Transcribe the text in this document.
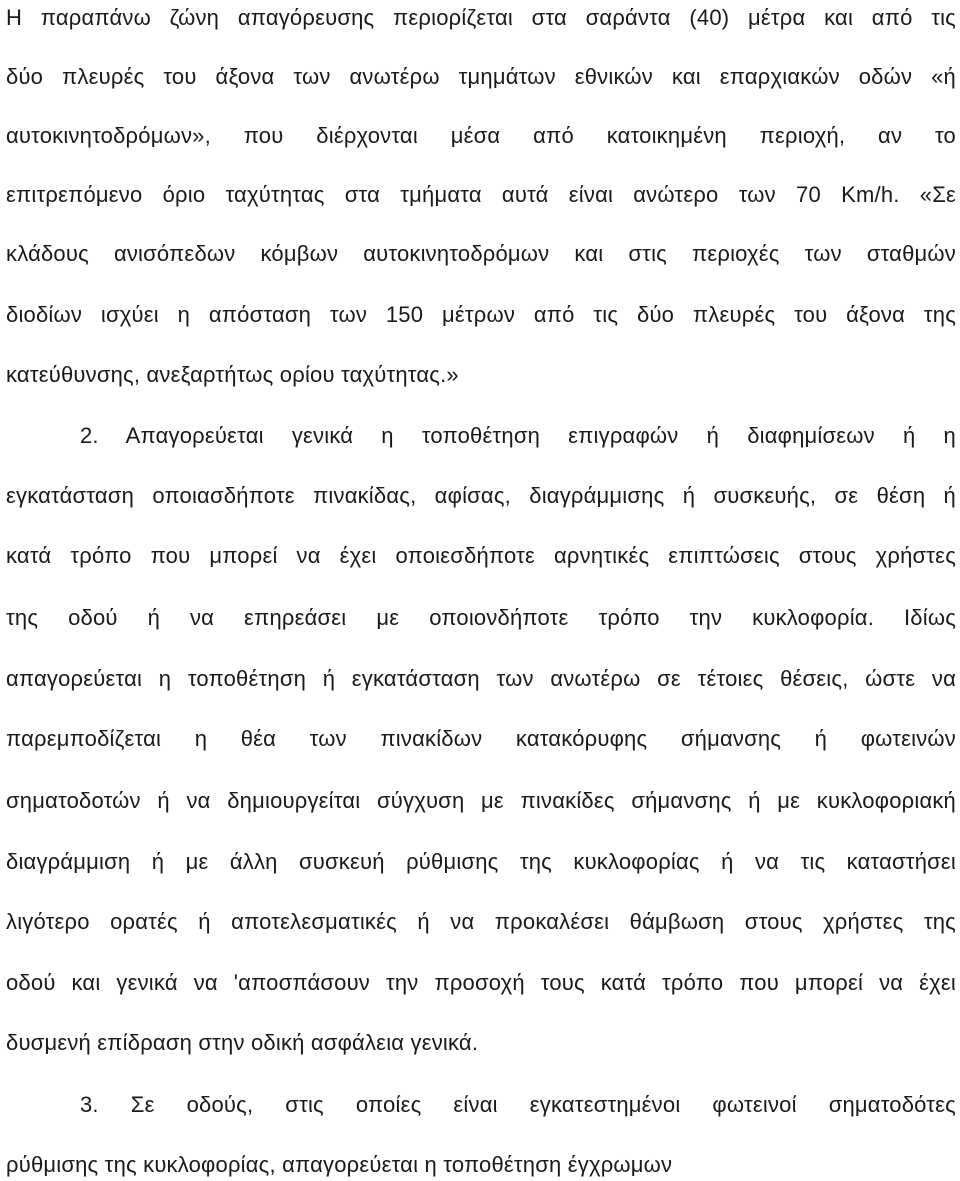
Η παραπάνω ζώνη απαγόρευσης περιορίζεται στα σαράντα (40) μέτρα και από τις
δύο πλευρές του άξονα των ανωτέρω τμημάτων εθνικών και επαρχιακών οδών «ή
αυτοκινητοδρόμων», που διέρχονται μέσα από κατοικημένη περιοχή, αν το
επιτρεπόμενο όριο ταχύτητας στα τμήματα αυτά είναι ανώτερο των 70 Km/h. «Σε
κλάδους ανισόπεδων κόμβων αυτοκινητοδρόμων και στις περιοχές των σταθμών
διοδίων ισχύει η απόσταση των 150 μέτρων από τις δύο πλευρές του άξονα της
κατεύθυνσης, ανεξαρτήτως ορίου ταχύτητας.»
2. Απαγορεύεται γενικά η τοποθέτηση επιγραφών ή διαφημίσεων ή η
εγκατάσταση οποιασδήποτε πινακίδας, αφίσας, διαγράμμισης ή συσκευής, σε θέση ή
κατά τρόπο που μπορεί να έχει οποιεσδήποτε αρνητικές επιπτώσεις στους χρήστες
της οδού ή να επηρεάσει με οποιονδήποτε τρόπο την κυκλοφορία. Ιδίως
απαγορεύεται η τοποθέτηση ή εγκατάσταση των ανωτέρω σε τέτοιες θέσεις, ώστε να
παρεμποδίζεται η θέα των πινακίδων κατακόρυφης σήμανσης ή φωτεινών
σηματοδοτών ή να δημιουργείται σύγχυση με πινακίδες σήμανσης ή με κυκλοφοριακή
διαγράμμιση ή με άλλη συσκευή ρύθμισης της κυκλοφορίας ή να τις καταστήσει
λιγότερο ορατές ή αποτελεσματικές ή να προκαλέσει θάμβωση στους χρήστες της
οδού και γενικά να 'αποσπάσουν την προσοχή τους κατά τρόπο που μπορεί να έχει
δυσμενή επίδραση στην οδική ασφάλεια γενικά.
3. Σε οδούς, στις οποίες είναι εγκατεστημένοι φωτεινοί σηματοδότες
ρύθμισης της κυκλοφορίας, απαγορεύεται η τοποθέτηση έγχρωμων
